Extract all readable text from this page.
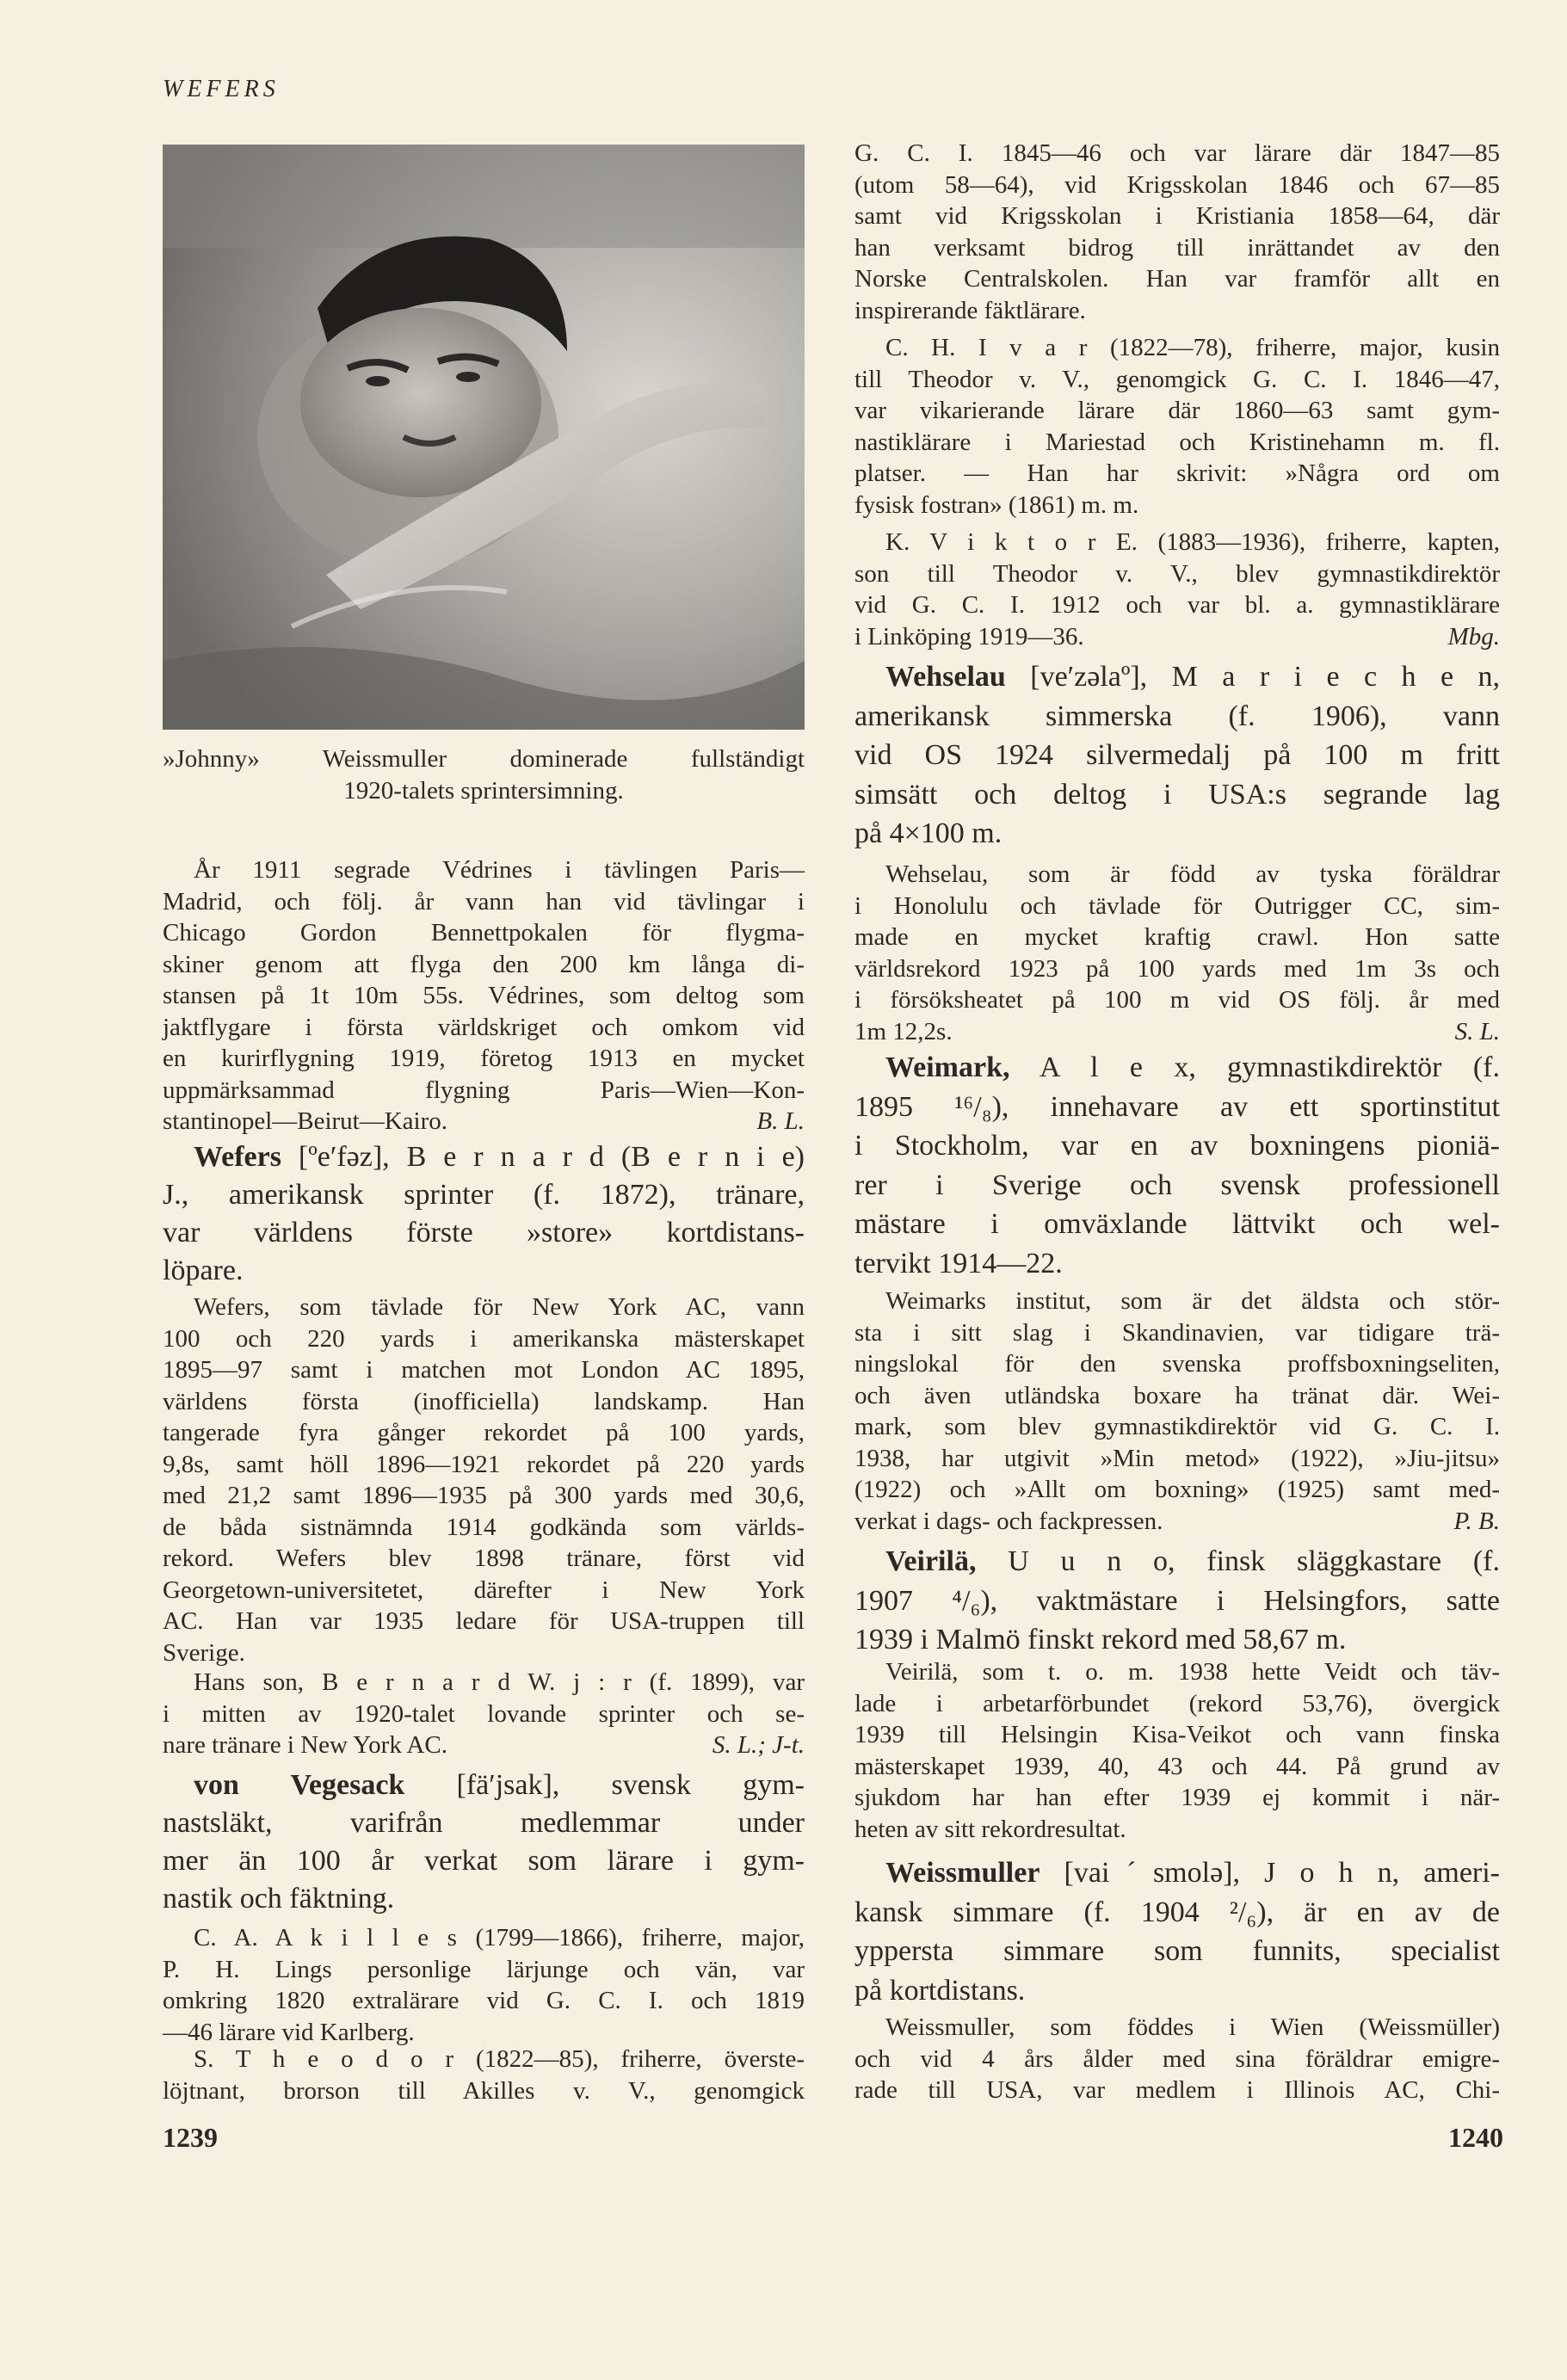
WEFERS
»Johnny» Weissmuller dominerade fullständigt
1920-talets sprintersimning.
År 1911 segrade Védrines i tävlingen Paris—
Madrid, och följ. år vann han vid tävlingar i
Chicago Gordon Bennettpokalen för flygma-
skiner genom att flyga den 200 km långa di-
stansen på 1t 10m 55s. Védrines, som deltog som
jaktflygare i första världskriget och omkom vid
en kurirflygning 1919, företog 1913 en mycket
uppmärksammad flygning Paris—Wien—Kon-
stantinopel—Beirut—Kairo.	B. L.
Wefers [ºe′fəz], B e r n a r d (B e r n i e)
J., amerikansk sprinter (f. 1872), tränare,
var världens förste »store» kortdistans-
löpare.
Wefers, som tävlade för New York AC, vann
100 och 220 yards i amerikanska mästerskapet
1895—97 samt i matchen mot London AC 1895,
världens första (inofficiella) landskamp. Han
tangerade fyra gånger rekordet på 100 yards,
9,8s, samt höll 1896—1921 rekordet på 220 yards
med 21,2 samt 1896—1935 på 300 yards med 30,6,
de båda sistnämnda 1914 godkända som världs-
rekord. Wefers blev 1898 tränare, först vid
Georgetown-universitetet, därefter i New York
AC. Han var 1935 ledare för USA-truppen till
Sverige.
Hans son, B e r n a r d W. j : r (f. 1899), var
i mitten av 1920-talet lovande sprinter och se-
nare tränare i New York AC.	S. L.; J-t.
von Vegesack [fä′jsak], svensk gym-
nastsläkt, varifrån medlemmar under
mer än 100 år verkat som lärare i gym-
nastik och fäktning.
C. A. A k i l l e s (1799—1866), friherre, major,
P. H. Lings personlige lärjunge och vän, var
omkring 1820 extralärare vid G. C. I. och 1819
—46 lärare vid Karlberg.
S. T h e o d o r (1822—85), friherre, överste-
löjtnant, brorson till Akilles v. V., genomgick
G. C. I. 1845—46 och var lärare där 1847—85
(utom 58—64), vid Krigsskolan 1846 och 67—85
samt vid Krigsskolan i Kristiania 1858—64, där
han verksamt bidrog till inrättandet av den
Norske Centralskolen. Han var framför allt en
inspirerande fäktlärare.
C. H. I v a r (1822—78), friherre, major, kusin
till Theodor v. V., genomgick G. C. I. 1846—47,
var vikarierande lärare där 1860—63 samt gym-
nastiklärare i Mariestad och Kristinehamn m. fl.
platser. — Han har skrivit: »Några ord om
fysisk fostran» (1861) m. m.
K. V i k t o r E. (1883—1936), friherre, kapten,
son till Theodor v. V., blev gymnastikdirektör
vid G. C. I. 1912 och var bl. a. gymnastiklärare
i Linköping 1919—36.	Mbg.
Wehselau [ve′zəlaº], M a r i e c h e n,
amerikansk simmerska (f. 1906), vann
vid OS 1924 silvermedalj på 100 m fritt
simsätt och deltog i USA:s segrande lag
på 4×100 m.
Wehselau, som är född av tyska föräldrar
i Honolulu och tävlade för Outrigger CC, sim-
made en mycket kraftig crawl. Hon satte
världsrekord 1923 på 100 yards med 1m 3s och
i försöksheatet på 100 m vid OS följ. år med
1m 12,2s.	S. L.
Weimark, A l e x, gymnastikdirektör (f.
1895 ¹⁶/₈), innehavare av ett sportinstitut
i Stockholm, var en av boxningens pioniä-
rer i Sverige och svensk professionell
mästare i omväxlande lättvikt och wel-
tervikt 1914—22.
Weimarks institut, som är det äldsta och stör-
sta i sitt slag i Skandinavien, var tidigare trä-
ningslokal för den svenska proffsboxningseliten,
och även utländska boxare ha tränat där. Wei-
mark, som blev gymnastikdirektör vid G. C. I.
1938, har utgivit »Min metod» (1922), »Jiu-jitsu»
(1922) och »Allt om boxning» (1925) samt med-
verkat i dags- och fackpressen.	P. B.
Veirilä, U u n o, finsk släggkastare (f.
1907 ⁴/₆), vaktmästare i Helsingfors, satte
1939 i Malmö finskt rekord med 58,67 m.
Veirilä, som t. o. m. 1938 hette Veidt och täv-
lade i arbetarförbundet (rekord 53,76), övergick
1939 till Helsingin Kisa-Veikot och vann finska
mästerskapet 1939, 40, 43 och 44. På grund av
sjukdom har han efter 1939 ej kommit i när-
heten av sitt rekordresultat.
Weissmuller [vaiˊsmolə], J o h n, ameri-
kansk simmare (f. 1904 ²/₆), är en av de
yppersta simmare som funnits, specialist
på kortdistans.
Weissmuller, som föddes i Wien (Weissmüller)
och vid 4 års ålder med sina föräldrar emigre-
rade till USA, var medlem i Illinois AC, Chi-
1239	1240
